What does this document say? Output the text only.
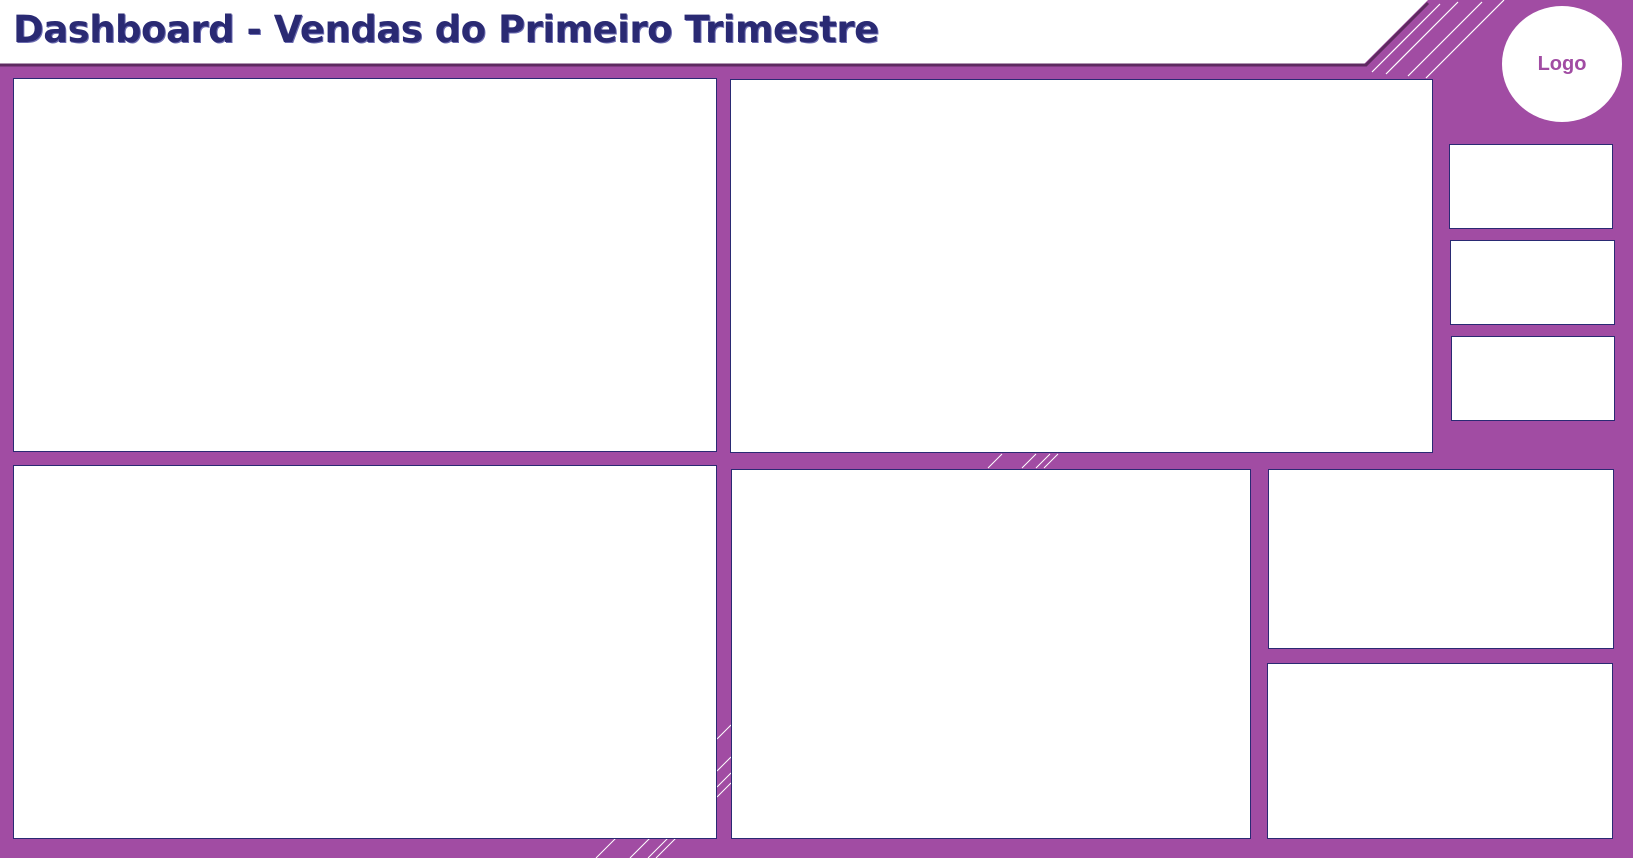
Dashboard - Vendas do Primeiro Trimestre
Logo
